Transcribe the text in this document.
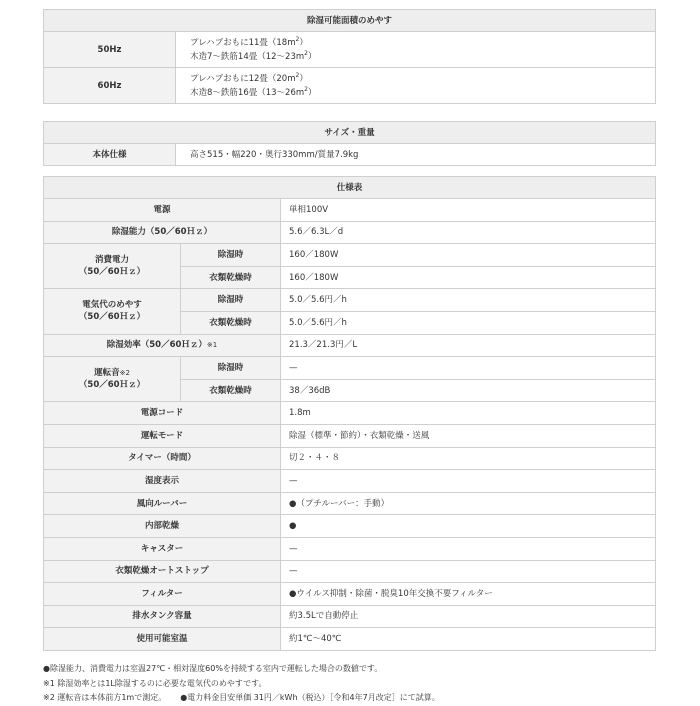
除湿可能面積のめやす	
50Hz	プレハブおもに11畳$(18m^2)$
木造7～鉄筋14畳$(12\sim 23m^2)$

60Hz	プレハブおもに12畳$(20m^2)$
木造8～鉄筋16畳$(13\sim 26m^2)$
サイズ・重量
本体仕様	高さ515・幅220・奥行330mm/質量7.9kg
仕様表		
電源		単相100V
除湿能力（50／60Ｈｚ）		5.6／6.3L／d

消費電力
（50／60Ｈｚ）	除湿時	160／180W
	衣類乾燥時	160／180W

電気代のめやす
（50／60Ｈｚ）	除湿時	5.0／5.6円／h
	衣類乾燥時	5.0／5.6円／h
除湿効率（50／60Ｈｚ）※1		21.3／21.3円／L

運転音※2
（50／60Ｈｚ）	除湿時	—
	衣類乾燥時	38／36dB
電源コード		1.8m
運転モード		除湿（標準・節約）・衣類乾燥・送風
タイマー（時間）		切２・４・８
湿度表示		—
風向ルーバー		●（プチルーバー：手動）
内部乾燥		●
キャスター		—
衣類乾燥オートストップ		—
フィルター		●ウイルス抑制・除菌・脱臭10年交換不要フィルター
排水タンク容量		約3.5Lで自動停止
使用可能室温		約1℃～40℃
●除湿能力、消費電力は室温27℃・相対湿度60%を持続する室内で運転した場合の数値です。
※1 除湿効率とは1L除湿するのに必要な電気代のめやすです。
※2 運転音は本体前方1mで測定。 ●電力料金目安単価 31円／kWh（税込）［令和4年7月改定］にて試算。
